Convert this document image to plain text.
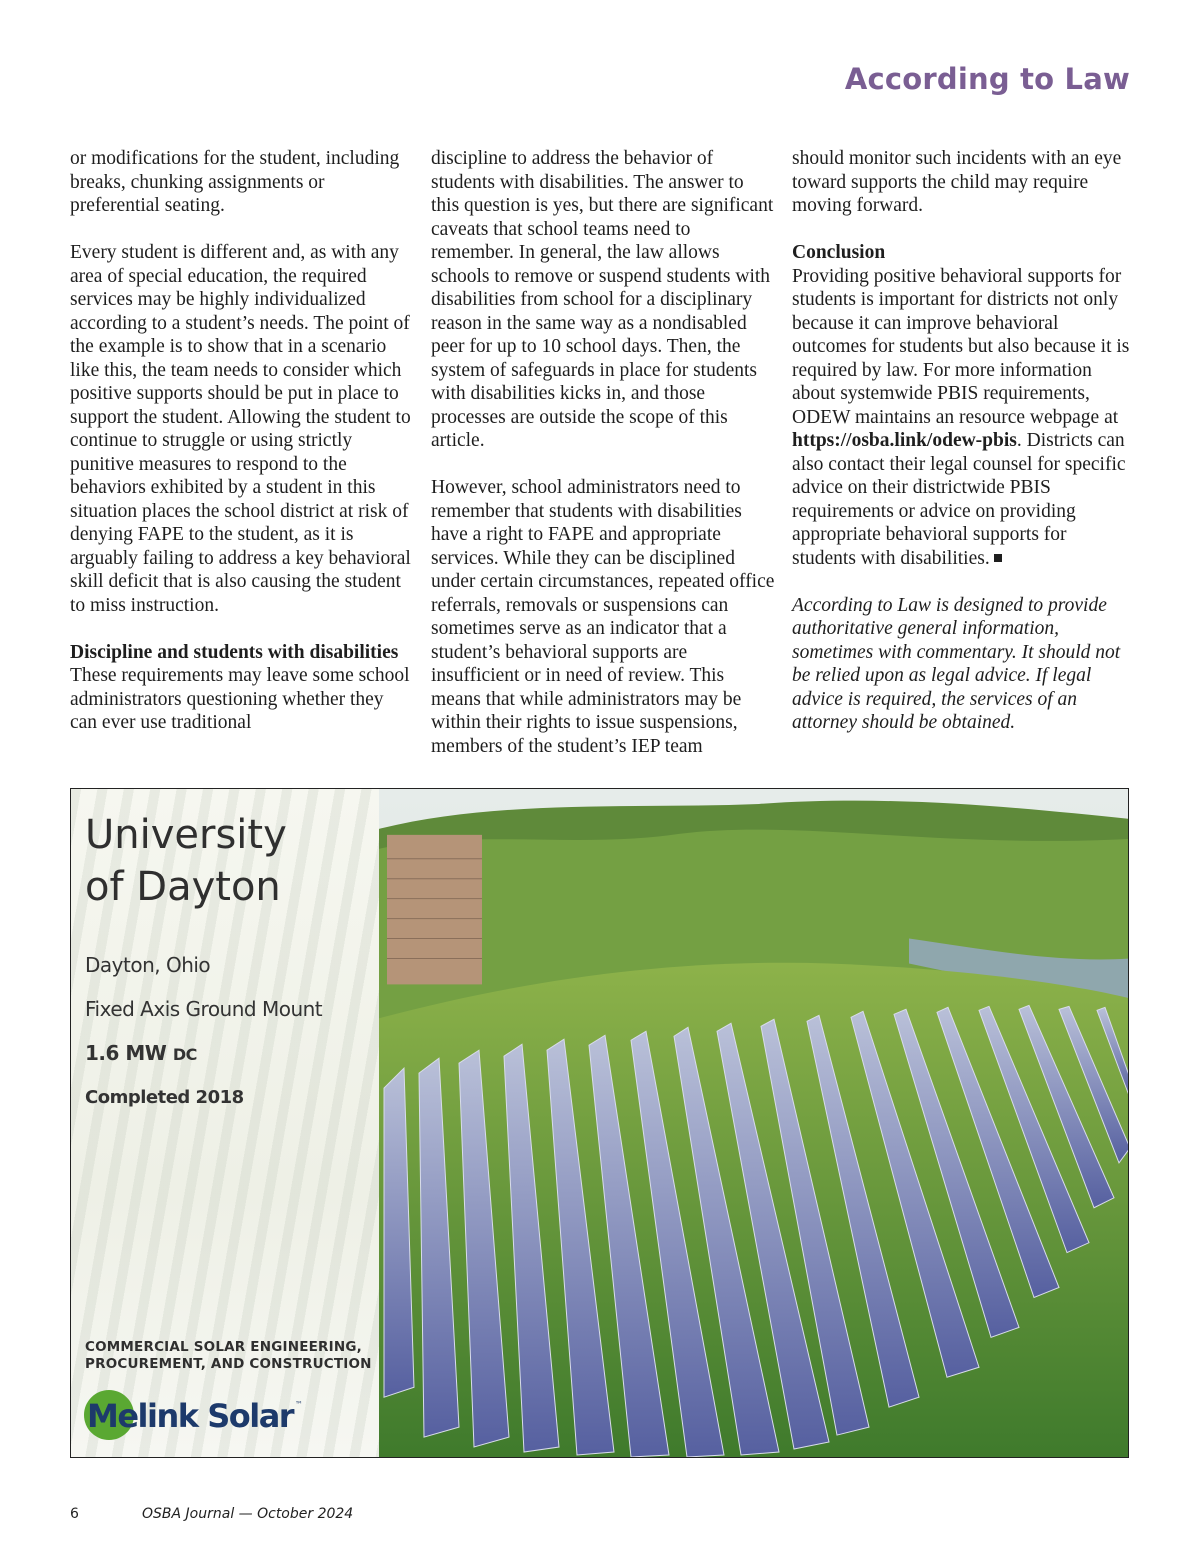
According to Law

or modifications for the student, including breaks, chunking assignments or preferential seating.

Every student is different and, as with any area of special education, the required services may be highly individualized according to a student’s needs. The point of the example is to show that in a scenario like this, the team needs to consider which positive supports should be put in place to support the student. Allowing the student to continue to struggle or using strictly punitive measures to respond to the behaviors exhibited by a student in this situation places the school district at risk of denying FAPE to the student, as it is arguably failing to address a key behavioral skill deficit that is also causing the student to miss instruction.

Discipline and students with disabilities

These requirements may leave some school administrators questioning whether they can ever use traditional

discipline to address the behavior of students with disabilities. The answer to this question is yes, but there are significant caveats that school teams need to remember. In general, the law allows schools to remove or suspend students with disabilities from school for a disciplinary reason in the same way as a nondisabled peer for up to 10 school days. Then, the system of safeguards in place for students with disabilities kicks in, and those processes are outside the scope of this article.

However, school administrators need to remember that students with disabilities have a right to FAPE and appropriate services. While they can be disciplined under certain circumstances, repeated office referrals, removals or suspensions can sometimes serve as an indicator that a student’s behavioral supports are insufficient or in need of review. This means that while administrators may be within their rights to issue suspensions, members of the student’s IEP team

should monitor such incidents with an eye toward supports the child may require moving forward.

Conclusion

Providing positive behavioral supports for students is important for districts not only because it can improve behavioral outcomes for students but also because it is required by law. For more information about systemwide PBIS requirements, ODEW maintains an resource webpage at https://osba.link/odew-pbis. Districts can also contact their legal counsel for specific advice on their districtwide PBIS requirements or advice on providing appropriate behavioral supports for students with disabilities.

According to Law is designed to provide authoritative general information, sometimes with commentary. It should not be relied upon as legal advice. If legal advice is required, the services of an attorney should be obtained.

University
of Dayton
Dayton, Ohio
Fixed Axis Ground Mount
1.6 MW DC
Completed 2018
COMMERCIAL SOLAR ENGINEERING,
PROCUREMENT, AND CONSTRUCTION
Melink Solar ™
6	OSBA Journal — October 2024
